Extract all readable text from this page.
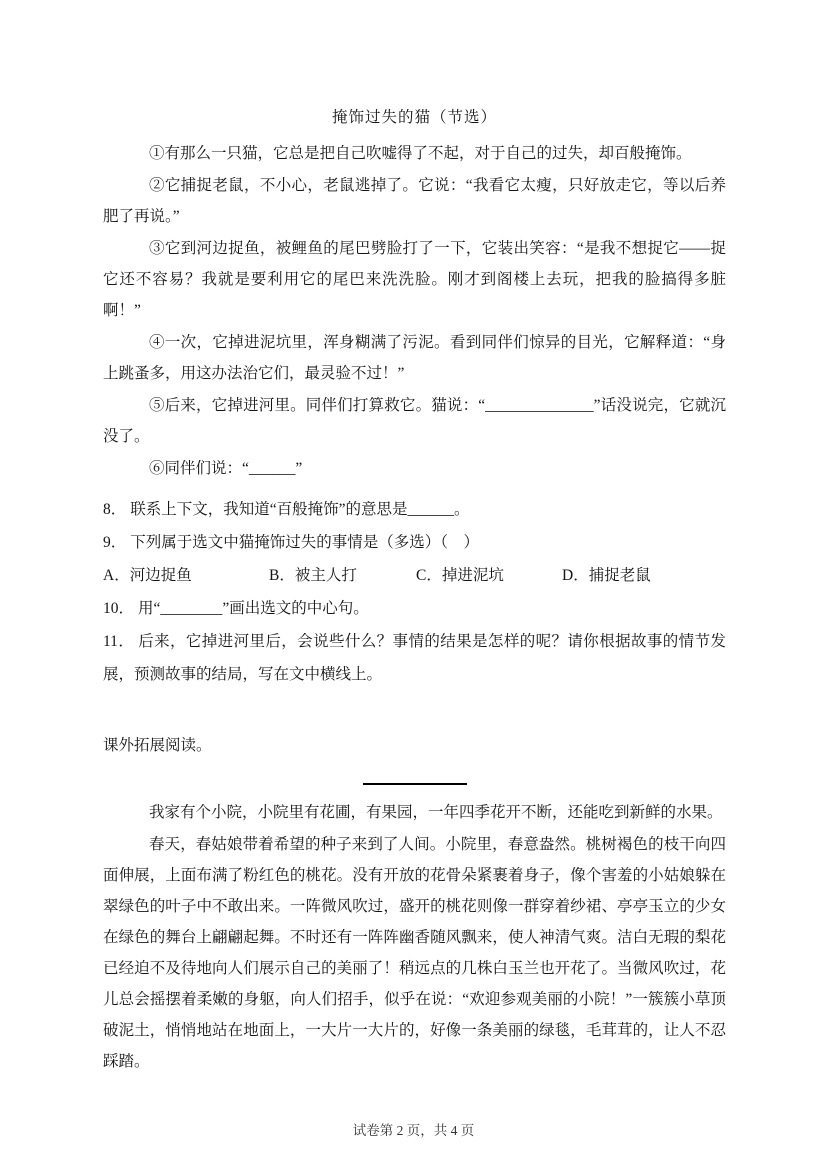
掩饰过失的猫（节选）

①有那么一只猫，它总是把自己吹嘘得了不起，对于自己的过失，却百般掩饰。

②它捕捉老鼠，不小心，老鼠逃掉了。它说：“我看它太瘦，只好放走它，等以后养肥了再说。”

③它到河边捉鱼，被鲤鱼的尾巴劈脸打了一下，它装出笑容：“是我不想捉它——捉它还不容易？我就是要利用它的尾巴来洗洗脸。刚才到阁楼上去玩，把我的脸搞得多脏啊！”

④一次，它掉进泥坑里，浑身糊满了污泥。看到同伴们惊异的目光，它解释道：“身上跳蚤多，用这办法治它们，最灵验不过！”

⑤后来，它掉进河里。同伴们打算救它。猫说：“______________”话没说完，它就沉没了。

⑥同伴们说：“______”

8． 联系上下文，我知道“百般掩饰”的意思是______。

9． 下列属于选文中猫掩饰过失的事情是（多选）（　）

A．河边捉鱼	B．被主人打	C．掉进泥坑	D．捕捉老鼠

10． 用“________”画出选文的中心句。

11． 后来，它掉进河里后，会说些什么？事情的结果是怎样的呢？请你根据故事的情节发展，预测故事的结局，写在文中横线上。

课外拓展阅读。

我家有个小院，小院里有花圃，有果园，一年四季花开不断，还能吃到新鲜的水果。

春天，春姑娘带着希望的种子来到了人间。小院里，春意盎然。桃树褐色的枝干向四面伸展，上面布满了粉红色的桃花。没有开放的花骨朵紧裹着身子，像个害羞的小姑娘躲在翠绿色的叶子中不敢出来。一阵微风吹过，盛开的桃花则像一群穿着纱裙、亭亭玉立的少女在绿色的舞台上翩翩起舞。不时还有一阵阵幽香随风飘来，使人神清气爽。洁白无瑕的梨花已经迫不及待地向人们展示自己的美丽了！稍远点的几株白玉兰也开花了。当微风吹过，花儿总会摇摆着柔嫩的身躯，向人们招手，似乎在说：“欢迎参观美丽的小院！”一簇簇小草顶破泥土，悄悄地站在地面上，一大片一大片的，好像一条美丽的绿毯，毛茸茸的，让人不忍踩踏。

试卷第 2 页，共 4 页
